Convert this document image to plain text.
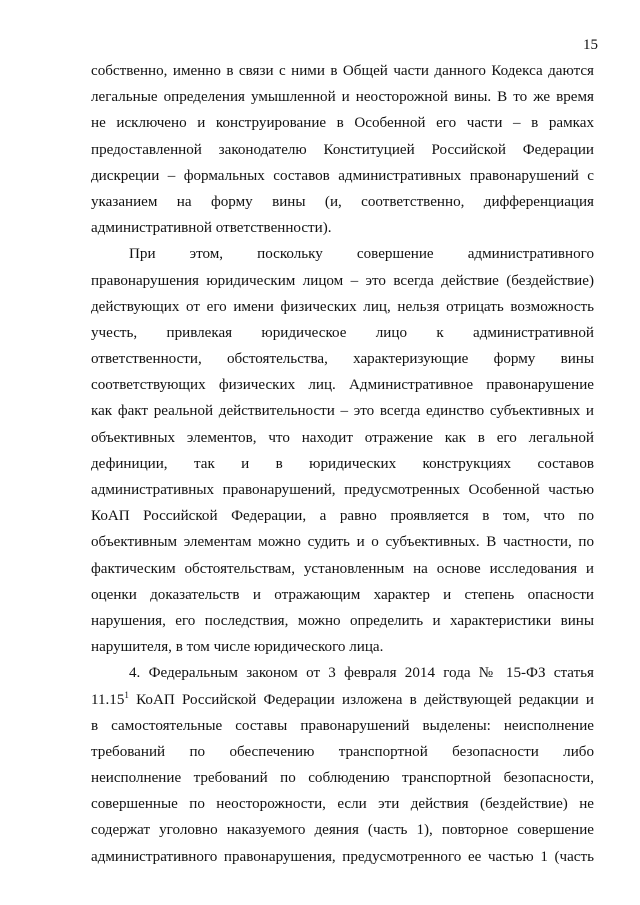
15
собственно, именно в связи с ними в Общей части данного Кодекса даются
легальные определения умышленной и неосторожной вины. В то же время
не исключено и конструирование в Особенной его части – в рамках
предоставленной законодателю Конституцией Российской Федерации
дискреции – формальных составов административных правонарушений с
указанием на форму вины (и, соответственно, дифференциация
административной ответственности).
При этом, поскольку совершение административного
правонарушения юридическим лицом – это всегда действие (бездействие)
действующих от его имени физических лиц, нельзя отрицать возможность
учесть, привлекая юридическое лицо к административной
ответственности, обстоятельства, характеризующие форму вины
соответствующих физических лиц. Административное правонарушение
как факт реальной действительности – это всегда единство субъективных и
объективных элементов, что находит отражение как в его легальной
дефиниции, так и в юридических конструкциях составов
административных правонарушений, предусмотренных Особенной частью
КоАП Российской Федерации, а равно проявляется в том, что по
объективным элементам можно судить и о субъективных. В частности, по
фактическим обстоятельствам, установленным на основе исследования и
оценки доказательств и отражающим характер и степень опасности
нарушения, его последствия, можно определить и характеристики вины
нарушителя, в том числе юридического лица.
4. Федеральным законом от 3 февраля 2014 года № 15-ФЗ статья
11.15$^1$ КоАП Российской Федерации изложена в действующей редакции и
в самостоятельные составы правонарушений выделены: неисполнение
требований по обеспечению транспортной безопасности либо
неисполнение требований по соблюдению транспортной безопасности,
совершенные по неосторожности, если эти действия (бездействие) не
содержат уголовно наказуемого деяния (часть 1), повторное совершение
административного правонарушения, предусмотренного ее частью 1 (часть
